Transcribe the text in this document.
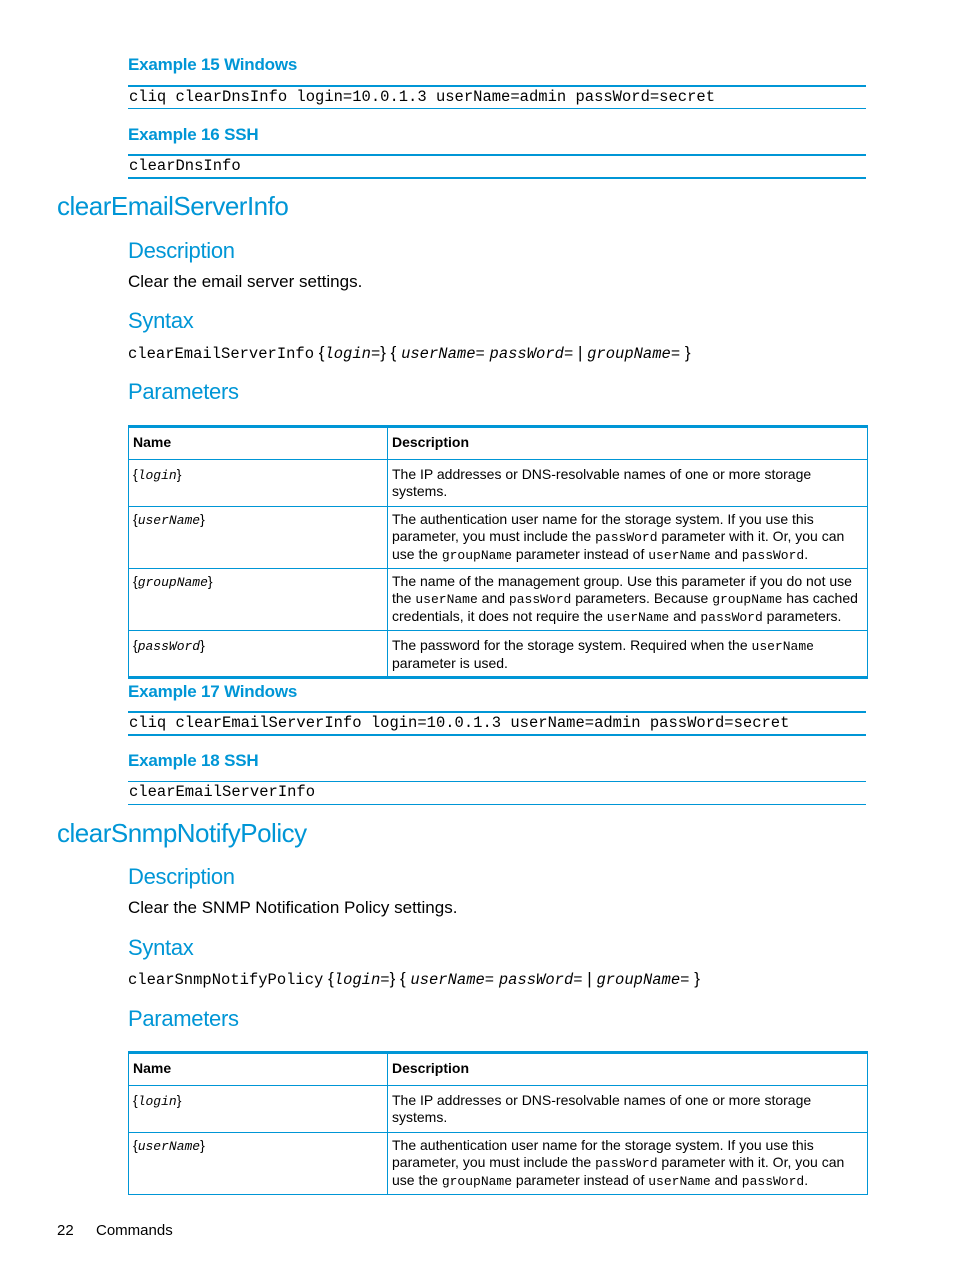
Example 15 Windows
cliq clearDnsInfo login=10.0.1.3 userName=admin passWord=secret
Example 16 SSH
clearDnsInfo
clearEmailServerInfo
Description
Clear the email server settings.
Syntax
clearEmailServerInfo {login=} { userName= passWord= | groupName= }
Parameters
Name	Description
{login}	The IP addresses or DNS-resolvable names of one or more storage systems.
{userName}	The authentication user name for the storage system. If you use this parameter, you must include the passWord parameter with it. Or, you can use the groupName parameter instead of userName and passWord.
{groupName}	The name of the management group. Use this parameter if you do not use the userName and passWord parameters. Because groupName has cached credentials, it does not require the userName and passWord parameters.
{passWord}	The password for the storage system. Required when the userName parameter is used.
Example 17 Windows
cliq clearEmailServerInfo login=10.0.1.3 userName=admin passWord=secret
Example 18 SSH
clearEmailServerInfo
clearSnmpNotifyPolicy
Description
Clear the SNMP Notification Policy settings.
Syntax
clearSnmpNotifyPolicy {login=} { userName= passWord= | groupName= }
Parameters
Name	Description
{login}	The IP addresses or DNS-resolvable names of one or more storage systems.
{userName}	The authentication user name for the storage system. If you use this parameter, you must include the passWord parameter with it. Or, you can use the groupName parameter instead of userName and passWord.
22 Commands
